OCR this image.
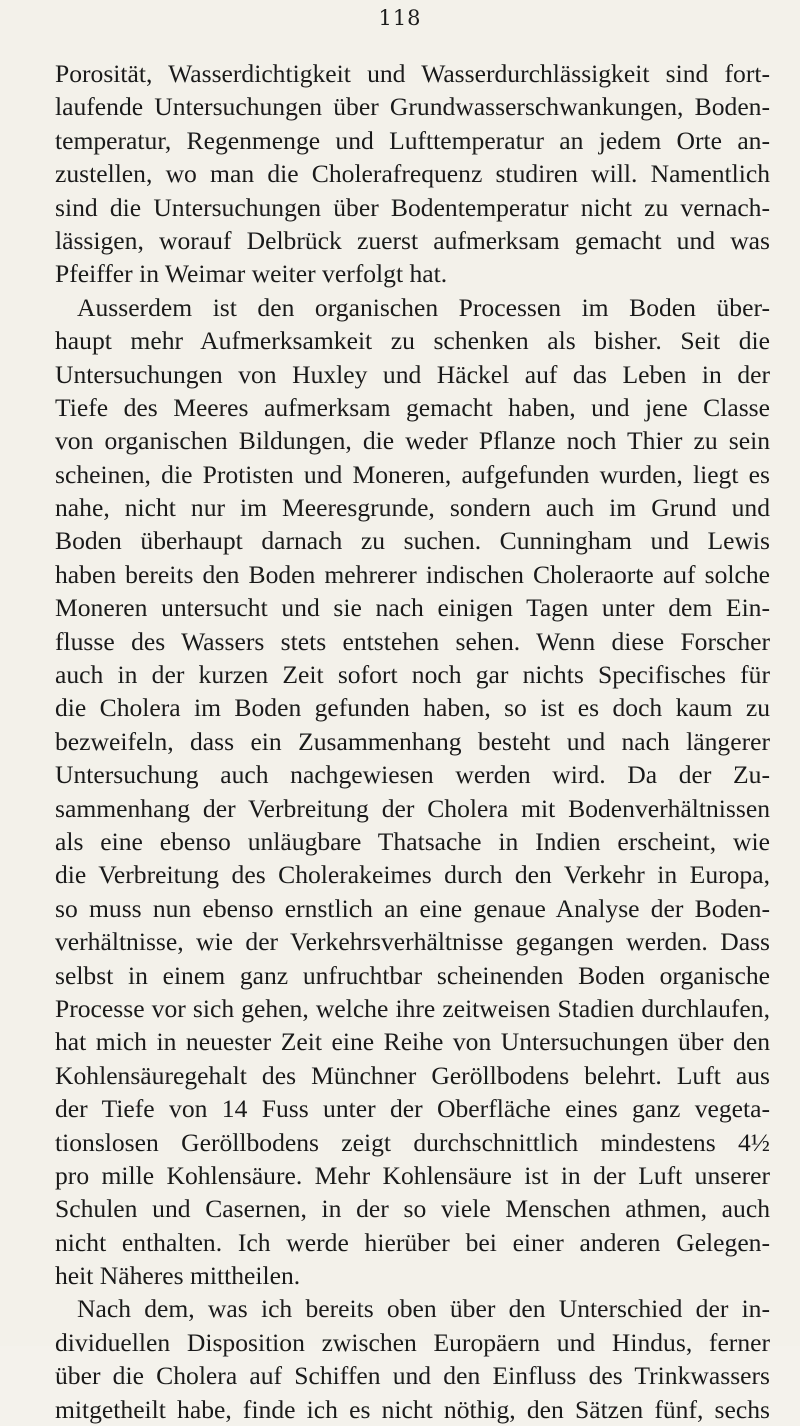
118
Porosität, Wasserdichtigkeit und Wasserdurchlässigkeit sind fort-
laufende Untersuchungen über Grundwasserschwankungen, Boden-
temperatur, Regenmenge und Lufttemperatur an jedem Orte an-
zustellen, wo man die Cholerafrequenz studiren will. Namentlich
sind die Untersuchungen über Bodentemperatur nicht zu vernach-
lässigen, worauf Delbrück zuerst aufmerksam gemacht und was
Pfeiffer in Weimar weiter verfolgt hat.
Ausserdem ist den organischen Processen im Boden über-
haupt mehr Aufmerksamkeit zu schenken als bisher. Seit die
Untersuchungen von Huxley und Häckel auf das Leben in der
Tiefe des Meeres aufmerksam gemacht haben, und jene Classe
von organischen Bildungen, die weder Pflanze noch Thier zu sein
scheinen, die Protisten und Moneren, aufgefunden wurden, liegt es
nahe, nicht nur im Meeresgrunde, sondern auch im Grund und
Boden überhaupt darnach zu suchen. Cunningham und Lewis
haben bereits den Boden mehrerer indischen Choleraorte auf solche
Moneren untersucht und sie nach einigen Tagen unter dem Ein-
flusse des Wassers stets entstehen sehen. Wenn diese Forscher
auch in der kurzen Zeit sofort noch gar nichts Specifisches für
die Cholera im Boden gefunden haben, so ist es doch kaum zu
bezweifeln, dass ein Zusammenhang besteht und nach längerer
Untersuchung auch nachgewiesen werden wird. Da der Zu-
sammenhang der Verbreitung der Cholera mit Bodenverhältnissen
als eine ebenso unläugbare Thatsache in Indien erscheint, wie
die Verbreitung des Cholerakeimes durch den Verkehr in Europa,
so muss nun ebenso ernstlich an eine genaue Analyse der Boden-
verhältnisse, wie der Verkehrsverhältnisse gegangen werden. Dass
selbst in einem ganz unfruchtbar scheinenden Boden organische
Processe vor sich gehen, welche ihre zeitweisen Stadien durchlaufen,
hat mich in neuester Zeit eine Reihe von Untersuchungen über den
Kohlensäuregehalt des Münchner Geröllbodens belehrt. Luft aus
der Tiefe von 14 Fuss unter der Oberfläche eines ganz vegeta-
tionslosen Geröllbodens zeigt durchschnittlich mindestens 4½
pro mille Kohlensäure. Mehr Kohlensäure ist in der Luft unserer
Schulen und Casernen, in der so viele Menschen athmen, auch
nicht enthalten. Ich werde hierüber bei einer anderen Gelegen-
heit Näheres mittheilen.
Nach dem, was ich bereits oben über den Unterschied der in-
dividuellen Disposition zwischen Europäern und Hindus, ferner
über die Cholera auf Schiffen und den Einfluss des Trinkwassers
mitgetheilt habe, finde ich es nicht nöthig, den Sätzen fünf, sechs
